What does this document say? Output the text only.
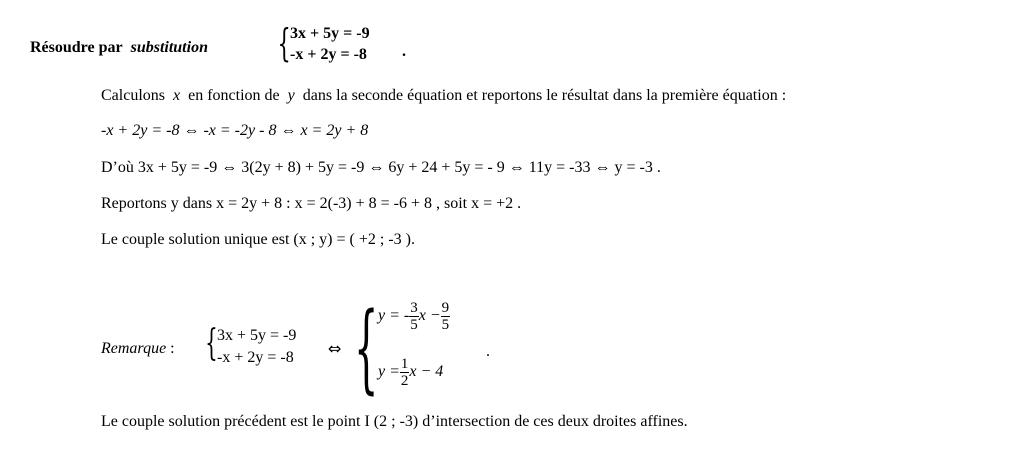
Résoudre par substitution { 3x + 5y = -9
-x + 2y = -8 .
Calculons x en fonction de y dans la seconde équation et reportons le résultat dans la première équation :
-x + 2y = -8 ⇔ -x = -2y - 8 ⇔ x = 2y + 8
D’où 3x + 5y = -9 ⇔ 3(2y + 8) + 5y = -9 ⇔ 6y + 24 + 5y = - 9 ⇔ 11y = -33 ⇔ y = -3 .
Reportons y dans x = 2y + 8 : x = 2(-3) + 8 = -6 + 8 , soit x = +2 .
Le couple solution unique est (x ; y) = ( +2 ; -3 ).
Remarque : { 3x + 5y = -9
-x + 2y = -8 ⇔ { y = - $\frac{3}{5}$ $x - \frac{9}{5}$
$y = \frac{1}{2}$ x − 4
.
Le couple solution précédent est le point I (2 ; -3) d’intersection de ces deux droites affines.
